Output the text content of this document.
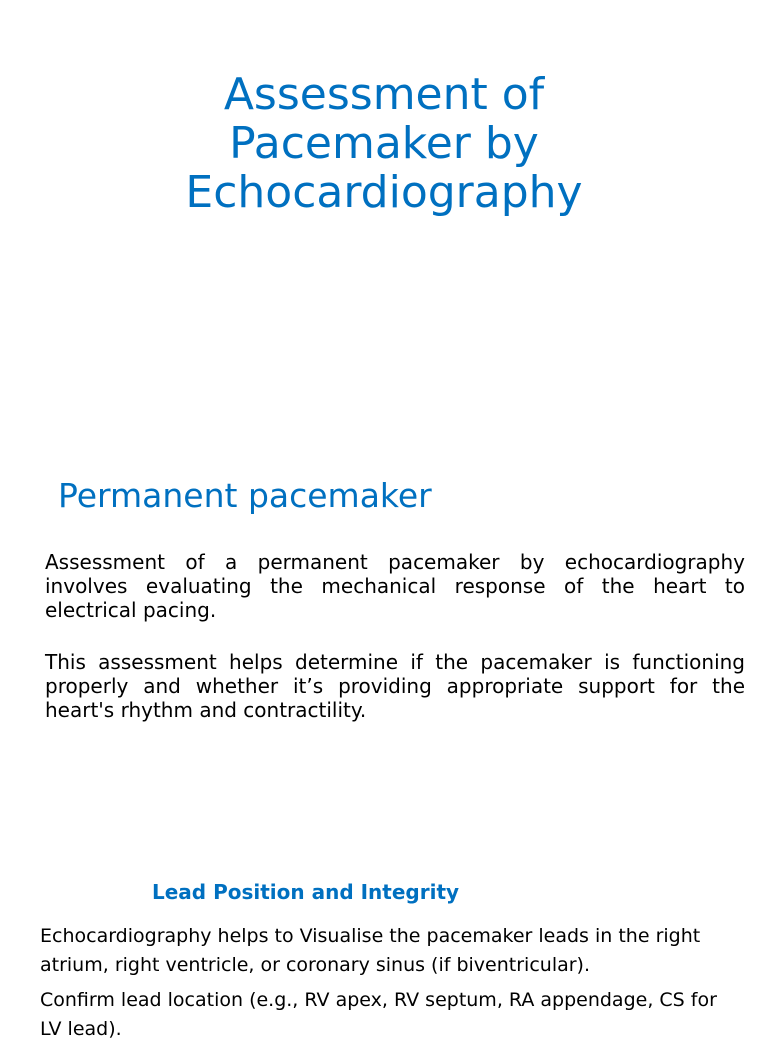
Assessment of
Pacemaker by
Echocardiography
Permanent pacemaker

Assessment of a permanent pacemaker by echocardiography involves evaluating the mechanical response of the heart to electrical pacing.

This assessment helps determine if the pacemaker is functioning properly and whether it’s providing appropriate support for the heart's rhythm and contractility.

Lead Position and Integrity

Echocardiography helps to Visualise the pacemaker leads in the right atrium, right ventricle, or coronary sinus (if biventricular).

Confirm lead location (e.g., RV apex, RV septum, RA appendage, CS for LV lead).
